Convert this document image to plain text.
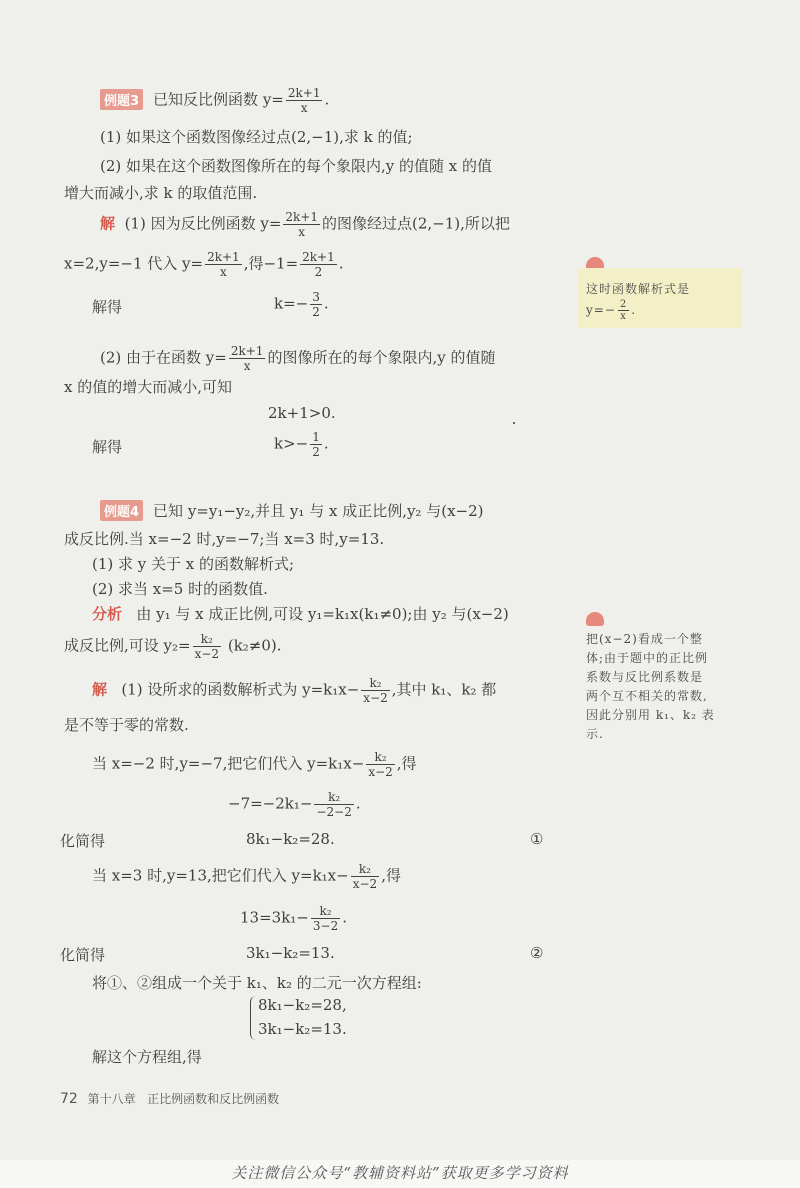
例题3 已知反比例函数 $y= \frac{2k+1}{x}$ .
(1) 如果这个函数图像经过点(2,−1),求 k 的值;
(2) 如果在这个函数图像所在的每个象限内,y 的值随 x 的值
增大而减小,求 k 的取值范围.
解 (1) 因为反比例函数 $y= \frac{2k+1}{x}$ 的图像经过点(2,−1),所以把
x=2,y=−1 代入 $y= \frac{2k+1}{x}$ ,得$-1= \frac{2k+1}{2}$ .
解得	$k=- \frac{3}{2}$ .
(2) 由于在函数 $y= \frac{2k+1}{x}$ 的图像所在的每个象限内,y 的值随
x 的值的增大而减小,可知
2k+1>0.
解得	$k>- \frac{1}{2}$ .
这时函数解析式是
$y=- \frac{2}{x}$ .
例题4 已知 y=y₁−y₂,并且 y₁ 与 x 成正比例,y₂ 与(x−2)
成反比例.当 x=−2 时,y=−7;当 x=3 时,y=13.
(1) 求 y 关于 x 的函数解析式;
(2) 求当 x=5 时的函数值.
分析 由 y₁ 与 x 成正比例,可设 y₁=k₁x(k₁≠0);由 y₂ 与(x−2)
成反比例,可设 $y_2= \frac{\text{k₂}}{x-2} (k_2\ne 0)$.
解 (1) 设所求的函数解析式为 $y=k_1x- \frac{\text{k₂}}{x-2}$ ,其中 k₁、k₂ 都
是不等于零的常数.
当 x=−2 时,y=−7,把它们代入 $y=k_1x- \frac{\text{k₂}}{x-2}$ ,得
$-7=-2k_1- \frac{\text{k₂}}{-2-2}$ .
化简得	8k₁−k₂=28.	①
当 x=3 时,y=13,把它们代入 $y=k_1x- \frac{\text{k₂}}{x-2}$ ,得
$13=3k_1- \frac{\text{k₂}}{3-2}$ .
化简得	3k₁−k₂=13.	②
将①、②组成一个关于 k₁、k₂ 的二元一次方程组:
8k₁−k₂=28,
3k₁−k₂=13.
解这个方程组,得
把(x−2)看成一个整
体;由于题中的正比例
系数与反比例系数是
两个互不相关的常数,
因此分别用 k₁、k₂ 表
示.
72 第十八章 正比例函数和反比例函数
关注微信公众号“教辅资料站”获取更多学习资料
